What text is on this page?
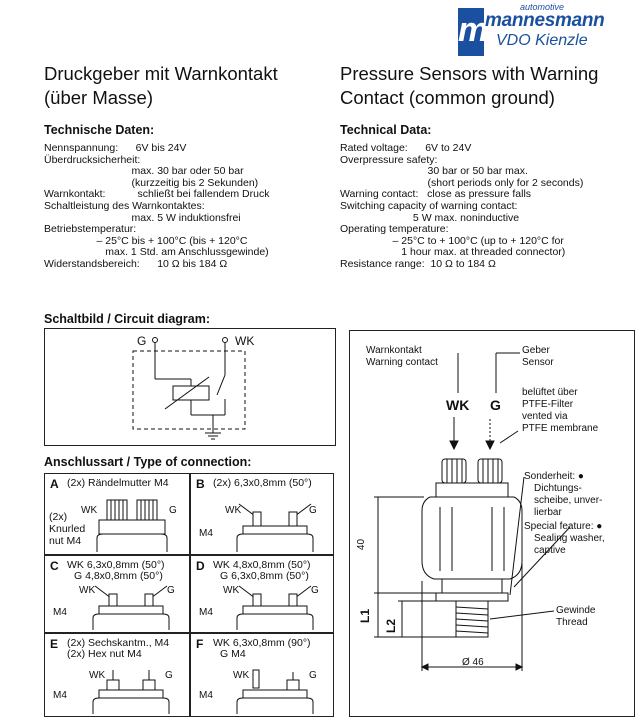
automotive
m
mannesmann
VDO Kienzle
Druckgeber mit Warnkontakt
(über Masse)
Pressure Sensors with Warning
Contact (common ground)
Technische Daten:	Technical Data:
Nennspannung:      6V bis 24V
Überdrucksicherheit:
max. 30 bar oder 50 bar
(kurzzeitig bis 2 Sekunden)
Warnkontakt:           schließt bei fallendem Druck
Schaltleistung des Warnkontaktes:
max. 5 W induktionsfrei
Betriebstemperatur:
– 25°C bis + 100°C (bis + 120°C
max. 1 Std. am Anschlussgewinde)
Widerstandsbereich:      10 Ω bis 184 Ω
Rated voltage:      6V to 24V
Overpressure safety:
30 bar or 50 bar max.
(short periods only for 2 seconds)
Warning contact:   close as pressure falls
Switching capacity of warning contact:
5 W max. noninductive
Operating temperature:
– 25°C to + 100°C (up to + 120°C for
1 hour max. at threaded connector)
Resistance range:  10 Ω to 184 Ω
Schaltbild / Circuit diagram:
G	WK
Anschlussart / Type of connection:
A (2x) Rändelmutter M4
(2x)
Knurled
nut M4
WK	G
B (2x) 6,3x0,8mm (50°)
WK	G
M4
C WK 6,3x0,8mm (50°)
G 4,8x0,8mm (50°)
WK	G
M4
D WK 4,8x0,8mm (50°)
G 6,3x0,8mm (50°)
WK	G
M4
E (2x) Sechskantm., M4
(2x) Hex nut M4
WK	G
M4
F WK 6,3x0,8mm (90°)
G M4
WK	G
M4
Warnkontakt
Warning contact
Geber
Sensor
belüftet über
PTFE-Filter
vented via
PTFE membrane
WK G
Sonderheit: ●
Dichtungs-
scheibe, unver-
lierbar
Special feature: ●
Sealing washer,
captive
40
L1
L2
Gewinde
Thread
Ø 46
